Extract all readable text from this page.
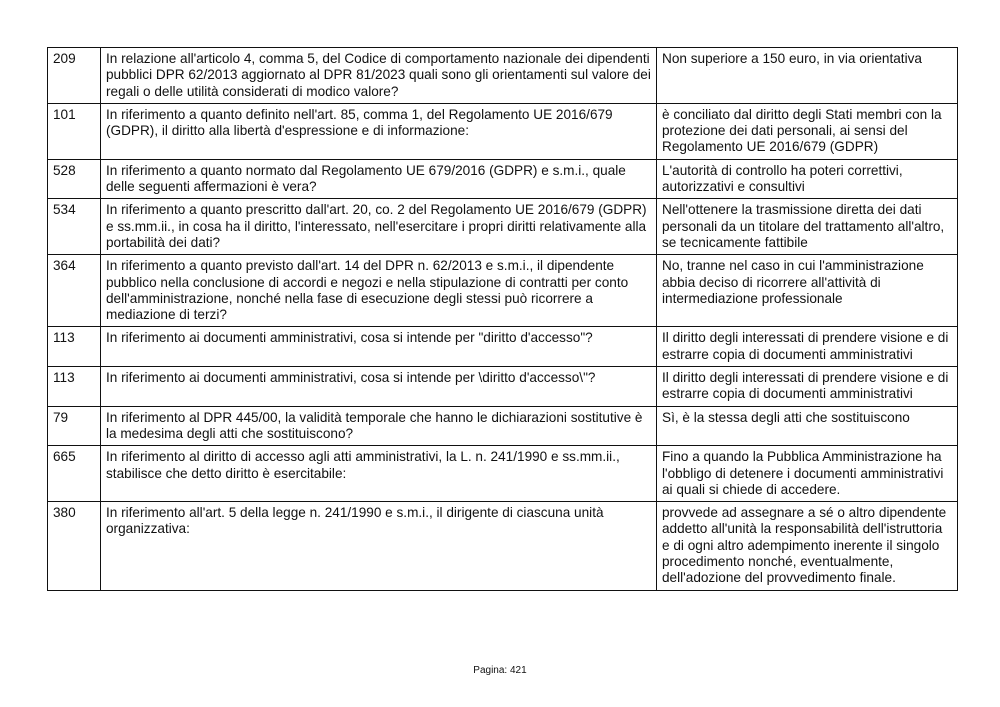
209	In relazione all'articolo 4, comma 5, del Codice di comportamento nazionale dei dipendenti pubblici DPR 62/2013 aggiornato al DPR 81/2023 quali sono gli orientamenti sul valore dei regali o delle utilità considerati di modico valore?	Non superiore a 150 euro, in via orientativa
101	In riferimento a quanto definito nell'art. 85, comma 1, del Regolamento UE 2016/679 (GDPR), il diritto alla libertà d'espressione e di informazione:	è conciliato dal diritto degli Stati membri con la protezione dei dati personali, ai sensi del Regolamento UE 2016/679 (GDPR)
528	In riferimento a quanto normato dal Regolamento UE 679/2016 (GDPR) e s.m.i., quale delle seguenti affermazioni è vera?	L'autorità di controllo ha poteri correttivi, autorizzativi e consultivi
534	In riferimento a quanto prescritto dall'art. 20, co. 2 del Regolamento UE 2016/679 (GDPR) e ss.mm.ii., in cosa ha il diritto, l'interessato, nell'esercitare i propri diritti relativamente alla portabilità dei dati?	Nell'ottenere la trasmissione diretta dei dati personali da un titolare del trattamento all'altro, se tecnicamente fattibile
364	In riferimento a quanto previsto dall'art. 14 del DPR n. 62/2013 e s.m.i., il dipendente pubblico nella conclusione di accordi e negozi e nella stipulazione di contratti per conto dell'amministrazione, nonché nella fase di esecuzione degli stessi può ricorrere a mediazione di terzi?	No, tranne nel caso in cui l'amministrazione abbia deciso di ricorrere all'attività di intermediazione professionale
113	In riferimento ai documenti amministrativi, cosa si intende per "diritto d'accesso"?	Il diritto degli interessati di prendere visione e di estrarre copia di documenti amministrativi
113	In riferimento ai documenti amministrativi, cosa si intende per \diritto d'accesso\"?	Il diritto degli interessati di prendere visione e di estrarre copia di documenti amministrativi
79	In riferimento al DPR 445/00, la validità temporale che hanno le dichiarazioni sostitutive è la medesima degli atti che sostituiscono?	Sì, è la stessa degli atti che sostituiscono
665	In riferimento al diritto di accesso agli atti amministrativi, la L. n. 241/1990 e ss.mm.ii., stabilisce che detto diritto è esercitabile:	Fino a quando la Pubblica Amministrazione ha l'obbligo di detenere i documenti amministrativi ai quali si chiede di accedere.
380	In riferimento all'art. 5 della legge n. 241/1990 e s.m.i., il dirigente di ciascuna unità organizzativa:	provvede ad assegnare a sé o altro dipendente addetto all'unità la responsabilità dell'istruttoria e di ogni altro adempimento inerente il singolo procedimento nonché, eventualmente, dell'adozione del provvedimento finale.
Pagina: 421
